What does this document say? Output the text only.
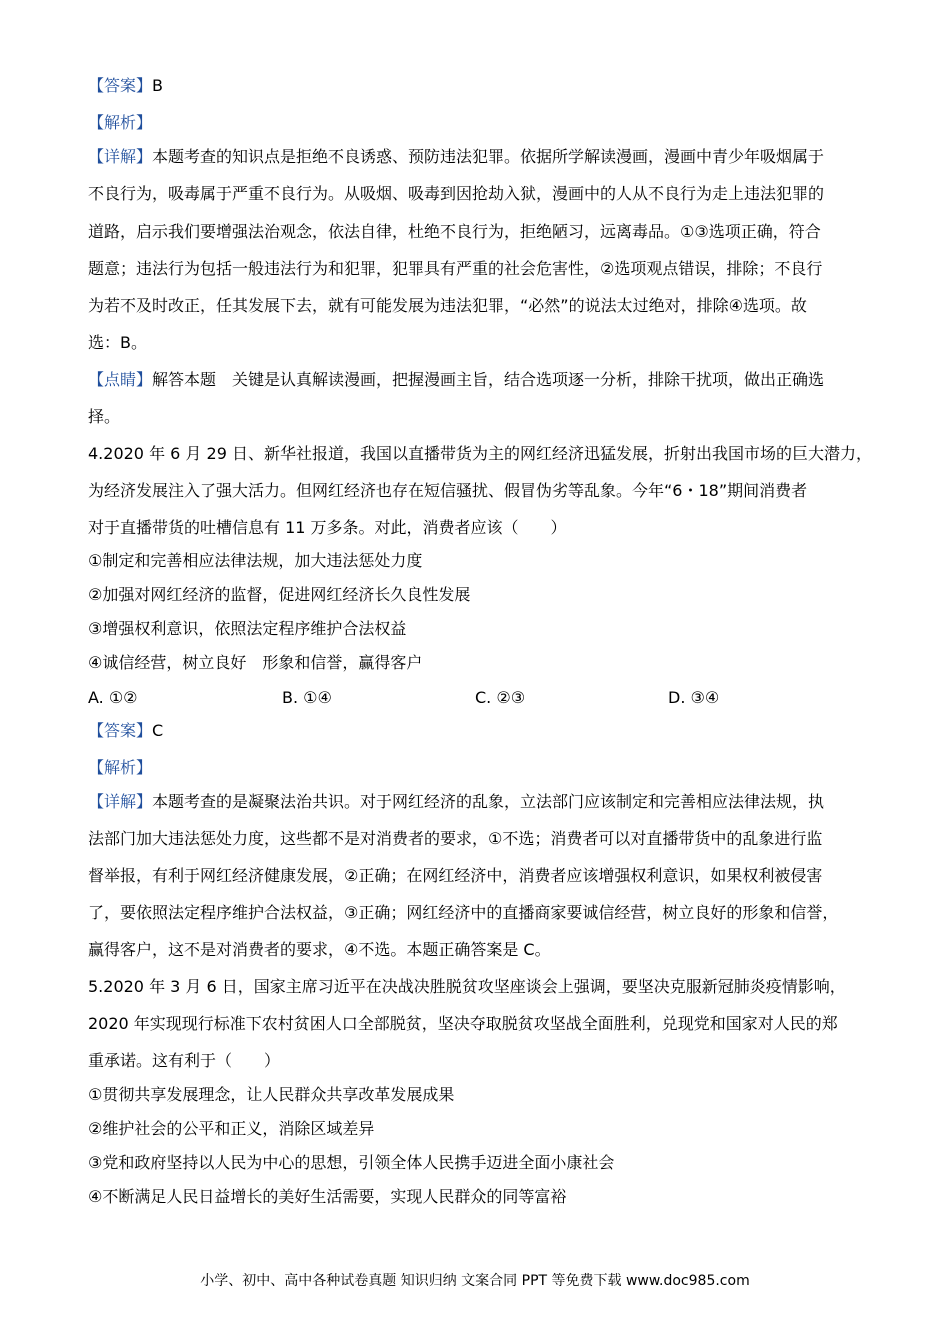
【答案】B
【解析】
【详解】本题考查的知识点是拒绝不良诱惑、预防违法犯罪。依据所学解读漫画，漫画中青少年吸烟属于
不良行为，吸毒属于严重不良行为。从吸烟、吸毒到因抢劫入狱，漫画中的人从不良行为走上违法犯罪的
道路，启示我们要增强法治观念，依法自律，杜绝不良行为，拒绝陋习，远离毒品。①③选项正确，符合
题意；违法行为包括一般违法行为和犯罪，犯罪具有严重的社会危害性，②选项观点错误，排除；不良行
为若不及时改正，任其发展下去，就有可能发展为违法犯罪，“必然”的说法太过绝对，排除④选项。故
选：B。
【点睛】解答本题　关键是认真解读漫画，把握漫画主旨，结合选项逐一分析，排除干扰项，做出正确选
择。
4.2020 年 6 月 29 日、新华社报道，我国以直播带货为主的网红经济迅猛发展，折射出我国市场的巨大潜力，
为经济发展注入了强大活力。但网红经济也存在短信骚扰、假冒伪劣等乱象。今年“6・18”期间消费者
对于直播带货的吐槽信息有 11 万多条。对此，消费者应该（　　）
①制定和完善相应法律法规，加大违法惩处力度
②加强对网红经济的监督，促进网红经济长久良性发展
③增强权利意识，依照法定程序维护合法权益
④诚信经营，树立良好　形象和信誉，赢得客户
A. ①②	B. ①④	C. ②③	D. ③④
【答案】C
【解析】
【详解】本题考查的是凝聚法治共识。对于网红经济的乱象，立法部门应该制定和完善相应法律法规，执
法部门加大违法惩处力度，这些都不是对消费者的要求，①不选；消费者可以对直播带货中的乱象进行监
督举报，有利于网红经济健康发展，②正确；在网红经济中，消费者应该增强权利意识，如果权利被侵害
了，要依照法定程序维护合法权益，③正确；网红经济中的直播商家要诚信经营，树立良好的形象和信誉，
赢得客户，这不是对消费者的要求，④不选。本题正确答案是 C。
5.2020 年 3 月 6 日，国家主席习近平在决战决胜脱贫攻坚座谈会上强调，要坚决克服新冠肺炎疫情影响，
2020 年实现现行标准下农村贫困人口全部脱贫，坚决夺取脱贫攻坚战全面胜利，兑现党和国家对人民的郑
重承诺。这有利于（　　）
①贯彻共享发展理念，让人民群众共享改革发展成果
②维护社会的公平和正义，消除区域差异
③党和政府坚持以人民为中心的思想，引领全体人民携手迈进全面小康社会
④不断满足人民日益增长的美好生活需要，实现人民群众的同等富裕
小学、初中、高中各种试卷真题 知识归纳 文案合同 PPT 等免费下载 www.doc985.com
